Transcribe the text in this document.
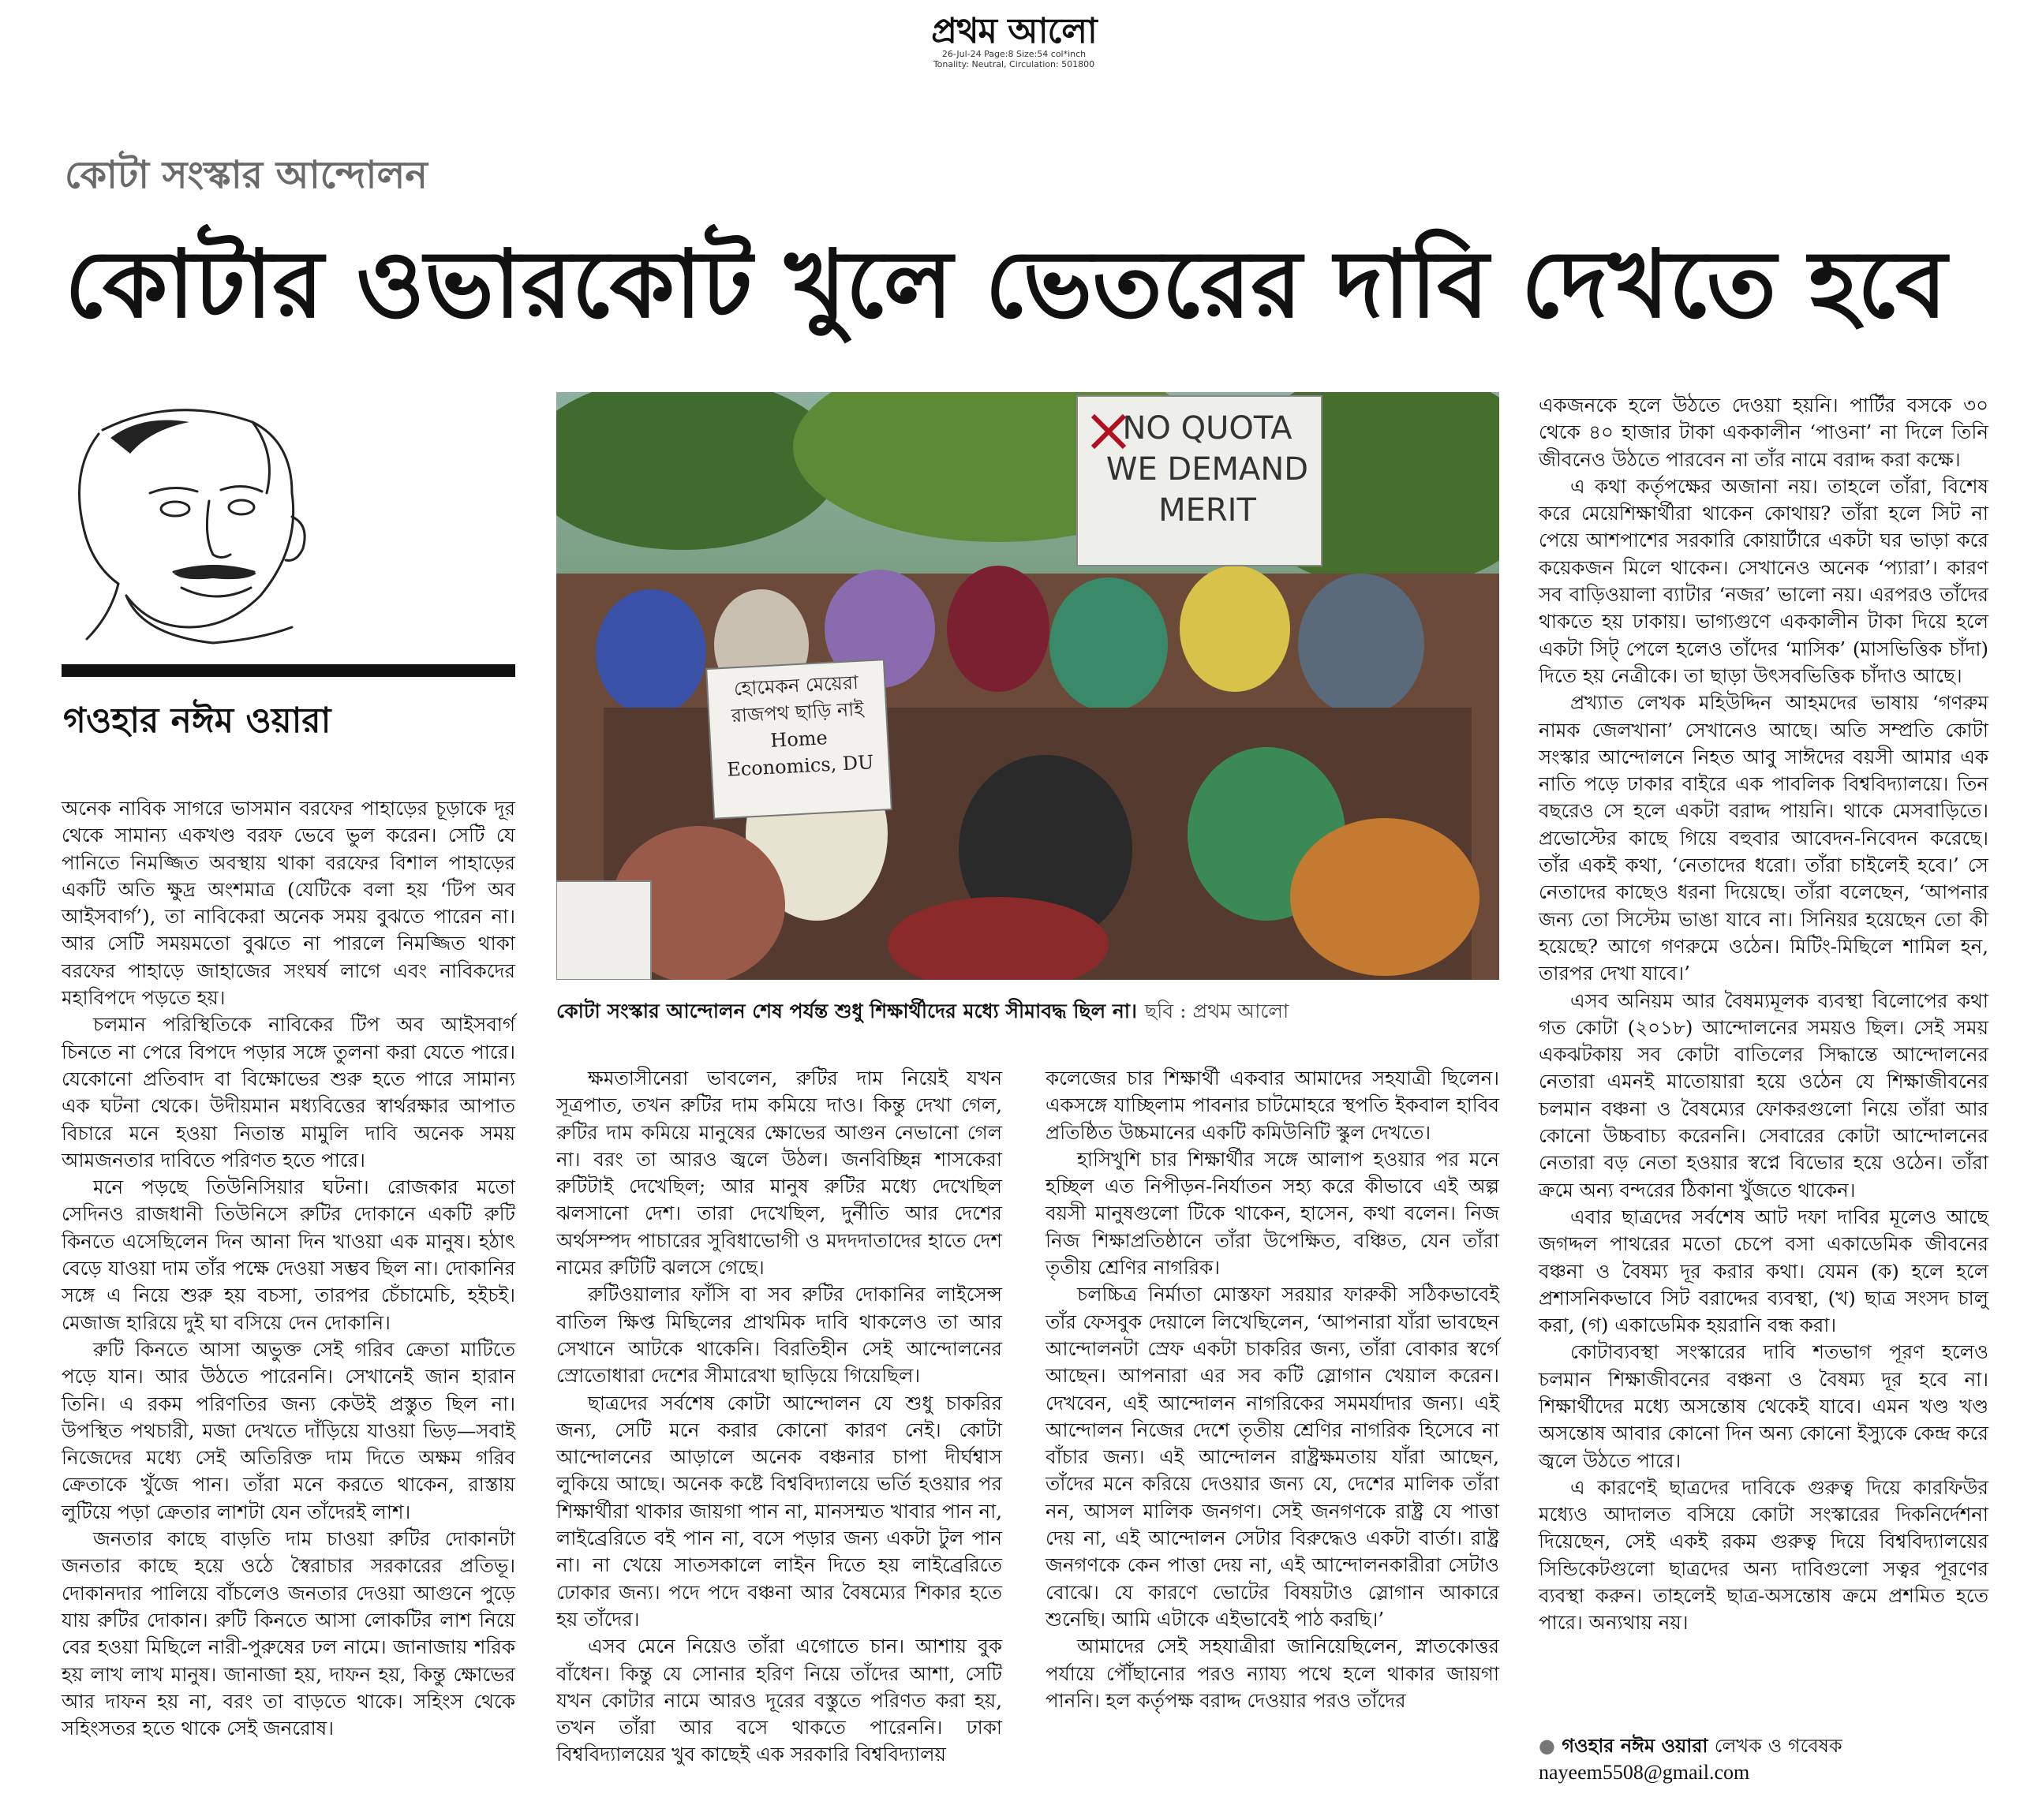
প্রথম আলো
26-Jul-24 Page:8 Size:54 col*inch
Tonality: Neutral, Circulation: 501800
কোটা সংস্কার আন্দোলন
কোটার ওভারকোট খুলে ভেতরের দাবি দেখতে হবে
গওহার নঈম ওয়ারা

অনেক নাবিক সাগরে ভাসমান বরফের পাহাড়ের চূড়াকে দূর থেকে সামান্য একখণ্ড বরফ ভেবে ভুল করেন। সেটি যে পানিতে নিমজ্জিত অবস্থায় থাকা বরফের বিশাল পাহাড়ের একটি অতি ক্ষুদ্র অংশমাত্র (যেটিকে বলা হয় ‘টিপ অব আইসবার্গ’), তা নাবিকেরা অনেক সময় বুঝতে পারেন না। আর সেটি সময়মতো বুঝতে না পারলে নিমজ্জিত থাকা বরফের পাহাড়ে জাহাজের সংঘর্ষ লাগে এবং নাবিকদের মহাবিপদে পড়তে হয়।

চলমান পরিস্থিতিকে নাবিকের টিপ অব আইসবার্গ চিনতে না পেরে বিপদে পড়ার সঙ্গে তুলনা করা যেতে পারে। যেকোনো প্রতিবাদ বা বিক্ষোভের শুরু হতে পারে সামান্য এক ঘটনা থেকে। উদীয়মান মধ্যবিত্তের স্বার্থরক্ষার আপাত বিচারে মনে হওয়া নিতান্ত মামুলি দাবি অনেক সময় আমজনতার দাবিতে পরিণত হতে পারে।

মনে পড়ছে তিউনিসিয়ার ঘটনা। রোজকার মতো সেদিনও রাজধানী তিউনিসে রুটির দোকানে একটি রুটি কিনতে এসেছিলেন দিন আনা দিন খাওয়া এক মানুষ। হঠাৎ বেড়ে যাওয়া দাম তাঁর পক্ষে দেওয়া সম্ভব ছিল না। দোকানির সঙ্গে এ নিয়ে শুরু হয় বচসা, তারপর চেঁচামেচি, হইচই। মেজাজ হারিয়ে দুই ঘা বসিয়ে দেন দোকানি।

রুটি কিনতে আসা অভুক্ত সেই গরিব ক্রেতা মাটিতে পড়ে যান। আর উঠতে পারেননি। সেখানেই জান হারান তিনি। এ রকম পরিণতির জন্য কেউই প্রস্তুত ছিল না। উপস্থিত পথচারী, মজা দেখতে দাঁড়িয়ে যাওয়া ভিড়—সবাই নিজেদের মধ্যে সেই অতিরিক্ত দাম দিতে অক্ষম গরিব ক্রেতাকে খুঁজে পান। তাঁরা মনে করতে থাকেন, রাস্তায় লুটিয়ে পড়া ক্রেতার লাশটা যেন তাঁদেরই লাশ।

জনতার কাছে বাড়তি দাম চাওয়া রুটির দোকানটা জনতার কাছে হয়ে ওঠে স্বৈরাচার সরকারের প্রতিভূ। দোকানদার পালিয়ে বাঁচলেও জনতার দেওয়া আগুনে পুড়ে যায় রুটির দোকান। রুটি কিনতে আসা লোকটির লাশ নিয়ে বের হওয়া মিছিলে নারী-পুরুষের ঢল নামে। জানাজায় শরিক হয় লাখ লাখ মানুষ। জানাজা হয়, দাফন হয়, কিন্তু ক্ষোভের আর দাফন হয় না, বরং তা বাড়তে থাকে। সহিংস থেকে সহিংসতর হতে থাকে সেই জনরোষ।

NO QUOTA WE DEMAND MERIT
হোমেকন মেয়েরা রাজপথ ছাড়ি নাই Home Economics, DU
কোটা সংস্কার আন্দোলন শেষ পর্যন্ত শুধু শিক্ষার্থীদের মধ্যে সীমাবদ্ধ ছিল না। ছবি : প্রথম আলো

ক্ষমতাসীনেরা ভাবলেন, রুটির দাম নিয়েই যখন সূত্রপাত, তখন রুটির দাম কমিয়ে দাও। কিন্তু দেখা গেল, রুটির দাম কমিয়ে মানুষের ক্ষোভের আগুন নেভানো গেল না। বরং তা আরও জ্বলে উঠল। জনবিচ্ছিন্ন শাসকেরা রুটিটাই দেখেছিল; আর মানুষ রুটির মধ্যে দেখেছিল ঝলসানো দেশ। তারা দেখেছিল, দুর্নীতি আর দেশের অর্থসম্পদ পাচারের সুবিধাভোগী ও মদদদাতাদের হাতে দেশ নামের রুটিটি ঝলসে গেছে।

রুটিওয়ালার ফাঁসি বা সব রুটির দোকানির লাইসেন্স বাতিল ক্ষিপ্ত মিছিলের প্রাথমিক দাবি থাকলেও তা আর সেখানে আটকে থাকেনি। বিরতিহীন সেই আন্দোলনের স্রোতোধারা দেশের সীমারেখা ছাড়িয়ে গিয়েছিল।

ছাত্রদের সর্বশেষ কোটা আন্দোলন যে শুধু চাকরির জন্য, সেটি মনে করার কোনো কারণ নেই। কোটা আন্দোলনের আড়ালে অনেক বঞ্চনার চাপা দীর্ঘশ্বাস লুকিয়ে আছে। অনেক কষ্টে বিশ্ববিদ্যালয়ে ভর্তি হওয়ার পর শিক্ষার্থীরা থাকার জায়গা পান না, মানসম্মত খাবার পান না, লাইব্রেরিতে বই পান না, বসে পড়ার জন্য একটা টুল পান না। না খেয়ে সাতসকালে লাইন দিতে হয় লাইব্রেরিতে ঢোকার জন্য। পদে পদে বঞ্চনা আর বৈষম্যের শিকার হতে হয় তাঁদের।

এসব মেনে নিয়েও তাঁরা এগোতে চান। আশায় বুক বাঁধেন। কিন্তু যে সোনার হরিণ নিয়ে তাঁদের আশা, সেটি যখন কোটার নামে আরও দূরের বস্তুতে পরিণত করা হয়, তখন তাঁরা আর বসে থাকতে পারেননি। ঢাকা বিশ্ববিদ্যালয়ের খুব কাছেই এক সরকারি বিশ্ববিদ্যালয়

কলেজের চার শিক্ষার্থী একবার আমাদের সহযাত্রী ছিলেন। একসঙ্গে যাচ্ছিলাম পাবনার চাটমোহরে স্থপতি ইকবাল হাবিব প্রতিষ্ঠিত উচ্চমানের একটি কমিউনিটি স্কুল দেখতে।

হাসিখুশি চার শিক্ষার্থীর সঙ্গে আলাপ হওয়ার পর মনে হচ্ছিল এত নিপীড়ন-নির্যাতন সহ্য করে কীভাবে এই অল্প বয়সী মানুষগুলো টিকে থাকেন, হাসেন, কথা বলেন। নিজ নিজ শিক্ষাপ্রতিষ্ঠানে তাঁরা উপেক্ষিত, বঞ্চিত, যেন তাঁরা তৃতীয় শ্রেণির নাগরিক।

চলচ্চিত্র নির্মাতা মোস্তফা সরয়ার ফারুকী সঠিকভাবেই তাঁর ফেসবুক দেয়ালে লিখেছিলেন, ‘আপনারা যাঁরা ভাবছেন আন্দোলনটা স্রেফ একটা চাকরির জন্য, তাঁরা বোকার স্বর্গে আছেন। আপনারা এর সব কটি স্লোগান খেয়াল করেন। দেখবেন, এই আন্দোলন নাগরিকের সমমর্যাদার জন্য। এই আন্দোলন নিজের দেশে তৃতীয় শ্রেণির নাগরিক হিসেবে না বাঁচার জন্য। এই আন্দোলন রাষ্ট্রক্ষমতায় যাঁরা আছেন, তাঁদের মনে করিয়ে দেওয়ার জন্য যে, দেশের মালিক তাঁরা নন, আসল মালিক জনগণ। সেই জনগণকে রাষ্ট্র যে পাত্তা দেয় না, এই আন্দোলন সেটার বিরুদ্ধেও একটা বার্তা। রাষ্ট্র জনগণকে কেন পাত্তা দেয় না, এই আন্দোলনকারীরা সেটাও বোঝে। যে কারণে ভোটের বিষয়টাও স্লোগান আকারে শুনেছি। আমি এটাকে এইভাবেই পাঠ করছি।’

আমাদের সেই সহযাত্রীরা জানিয়েছিলেন, স্নাতকোত্তর পর্যায়ে পৌঁছানোর পরও ন্যায্য পথে হলে থাকার জায়গা পাননি। হল কর্তৃপক্ষ বরাদ্দ দেওয়ার পরও তাঁদের

একজনকে হলে উঠতে দেওয়া হয়নি। পার্টির বসকে ৩০ থেকে ৪০ হাজার টাকা এককালীন ‘পাওনা’ না দিলে তিনি জীবনেও উঠতে পারবেন না তাঁর নামে বরাদ্দ করা কক্ষে।

এ কথা কর্তৃপক্ষের অজানা নয়। তাহলে তাঁরা, বিশেষ করে মেয়েশিক্ষার্থীরা থাকেন কোথায়? তাঁরা হলে সিট না পেয়ে আশপাশের সরকারি কোয়ার্টারে একটা ঘর ভাড়া করে কয়েকজন মিলে থাকেন। সেখানেও অনেক ‘প্যারা’। কারণ সব বাড়িওয়ালা ব্যাটার ‘নজর’ ভালো নয়। এরপরও তাঁদের থাকতে হয় ঢাকায়। ভাগ্যগুণে এককালীন টাকা দিয়ে হলে একটা সিট্ পেলে হলেও তাঁদের ‘মাসিক’ (মাসভিত্তিক চাঁদা) দিতে হয় নেত্রীকে। তা ছাড়া উৎসবভিত্তিক চাঁদাও আছে।

প্রখ্যাত লেখক মহিউদ্দিন আহমদের ভাষায় ‘গণরুম নামক জেলখানা’ সেখানেও আছে। অতি সম্প্রতি কোটা সংস্কার আন্দোলনে নিহত আবু সাঈদের বয়সী আমার এক নাতি পড়ে ঢাকার বাইরে এক পাবলিক বিশ্ববিদ্যালয়ে। তিন বছরেও সে হলে একটা বরাদ্দ পায়নি। থাকে মেসবাড়িতে। প্রভোস্টের কাছে গিয়ে বহুবার আবেদন-নিবেদন করেছে। তাঁর একই কথা, ‘নেতাদের ধরো। তাঁরা চাইলেই হবে।’ সে নেতাদের কাছেও ধরনা দিয়েছে। তাঁরা বলেছেন, ‘আপনার জন্য তো সিস্টেম ভাঙা যাবে না। সিনিয়র হয়েছেন তো কী হয়েছে? আগে গণরুমে ওঠেন। মিটিং-মিছিলে শামিল হন, তারপর দেখা যাবে।’

এসব অনিয়ম আর বৈষম্যমূলক ব্যবস্থা বিলোপের কথা গত কোটা (২০১৮) আন্দোলনের সময়ও ছিল। সেই সময় একঝটকায় সব কোটা বাতিলের সিদ্ধান্তে আন্দোলনের নেতারা এমনই মাতোয়ারা হয়ে ওঠেন যে শিক্ষাজীবনের চলমান বঞ্চনা ও বৈষম্যের ফোকরগুলো নিয়ে তাঁরা আর কোনো উচ্চবাচ্য করেননি। সেবারের কোটা আন্দোলনের নেতারা বড় নেতা হওয়ার স্বপ্নে বিভোর হয়ে ওঠেন। তাঁরা ক্রমে অন্য বন্দরের ঠিকানা খুঁজতে থাকেন।

এবার ছাত্রদের সর্বশেষ আট দফা দাবির মূলেও আছে জগদ্দল পাথরের মতো চেপে বসা একাডেমিক জীবনের বঞ্চনা ও বৈষম্য দূর করার কথা। যেমন (ক) হলে হলে প্রশাসনিকভাবে সিট বরাদ্দের ব্যবস্থা, (খ) ছাত্র সংসদ চালু করা, (গ) একাডেমিক হয়রানি বন্ধ করা।

কোটাব্যবস্থা সংস্কারের দাবি শতভাগ পূরণ হলেও চলমান শিক্ষাজীবনের বঞ্চনা ও বৈষম্য দূর হবে না। শিক্ষার্থীদের মধ্যে অসন্তোষ থেকেই যাবে। এমন খণ্ড খণ্ড অসন্তোষ আবার কোনো দিন অন্য কোনো ইস্যুকে কেন্দ্র করে জ্বলে উঠতে পারে।

এ কারণেই ছাত্রদের দাবিকে গুরুত্ব দিয়ে কারফিউর মধ্যেও আদালত বসিয়ে কোটা সংস্কারের দিকনির্দেশনা দিয়েছেন, সেই একই রকম গুরুত্ব দিয়ে বিশ্ববিদ্যালয়ের সিন্ডিকেটগুলো ছাত্রদের অন্য দাবিগুলো সত্বর পূরণের ব্যবস্থা করুন। তাহলেই ছাত্র-অসন্তোষ ক্রমে প্রশমিত হতে পারে। অন্যথায় নয়।

● গওহার নঈম ওয়ারা লেখক ও গবেষক
nayeem5508@gmail.com
